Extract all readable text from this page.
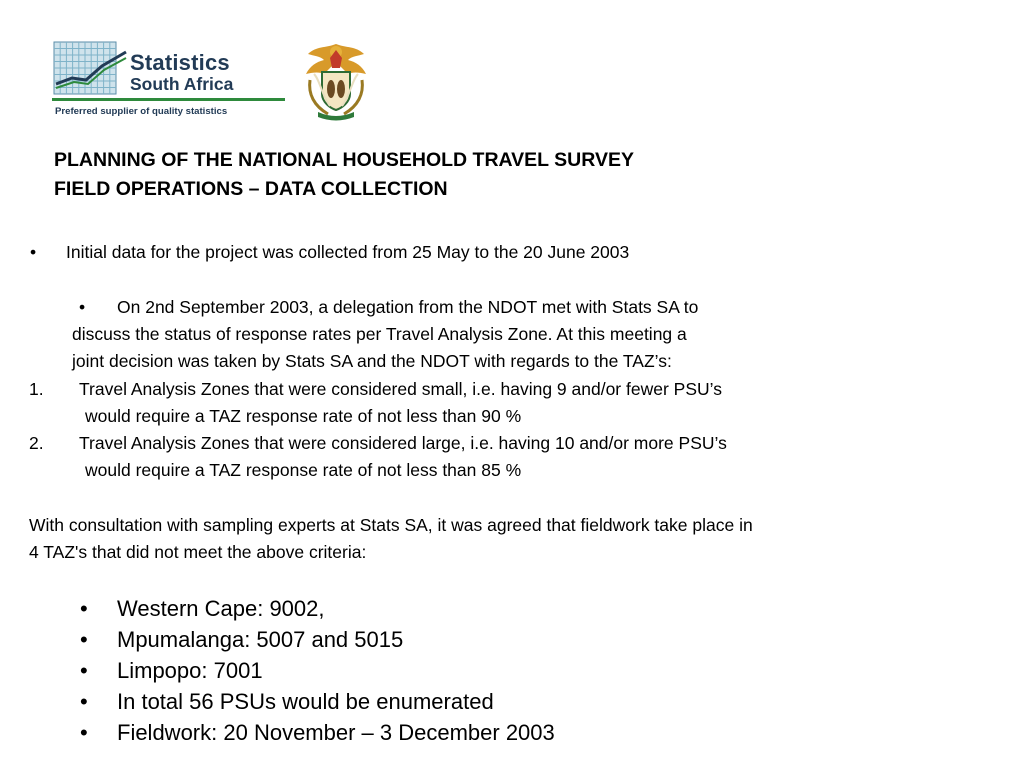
Statistics
South Africa
Preferred supplier of quality statistics
PLANNING OF THE NATIONAL HOUSEHOLD TRAVEL SURVEY
FIELD OPERATIONS – DATA COLLECTION
• Initial data for the project was collected from 25 May to the 20 June 2003
• On 2nd September 2003, a delegation from the NDOT met with Stats SA to
discuss the status of response rates per Travel Analysis Zone. At this meeting a
joint decision was taken by Stats SA and the NDOT with regards to the TAZ’s:
1. Travel Analysis Zones that were considered small, i.e. having 9 and/or fewer PSU’s
would require a TAZ response rate of not less than 90 %
2. Travel Analysis Zones that were considered large, i.e. having 10 and/or more PSU’s
would require a TAZ response rate of not less than 85 %
With consultation with sampling experts at Stats SA, it was agreed that fieldwork take place in
4 TAZ's that did not meet the above criteria:
• Western Cape: 9002,
• Mpumalanga: 5007 and 5015
• Limpopo: 7001
• In total 56 PSUs would be enumerated
• Fieldwork: 20 November – 3 December 2003
